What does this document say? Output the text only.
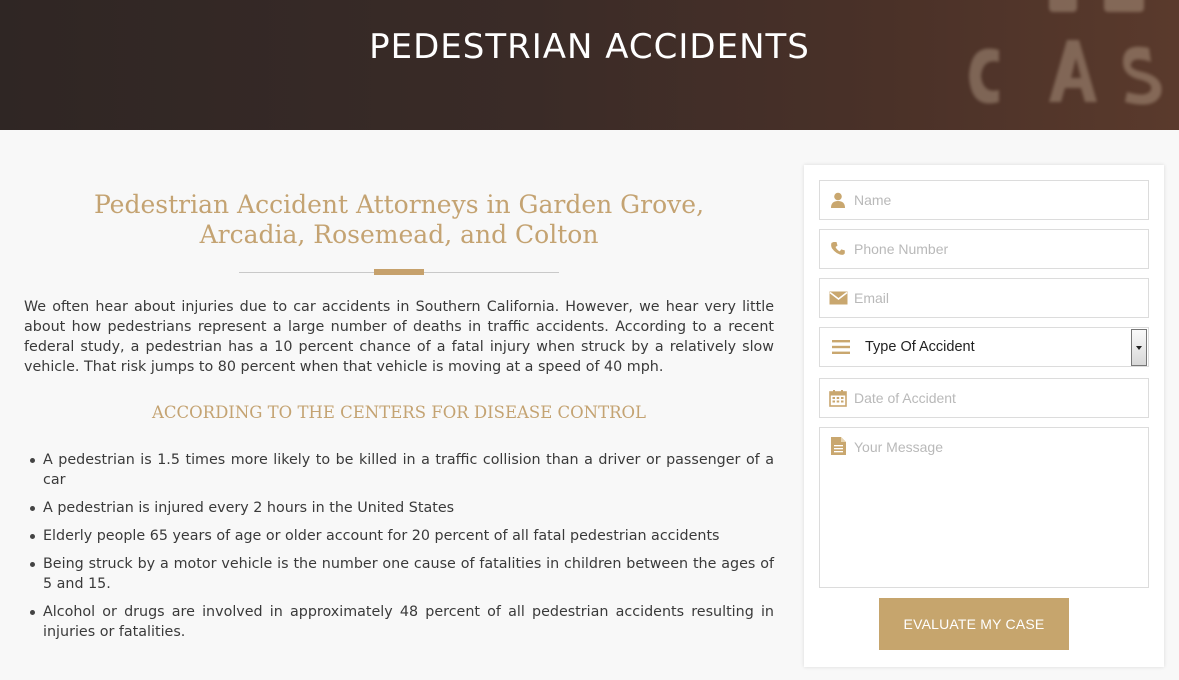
PEDESTRIAN ACCIDENTS
Pedestrian Accident Attorneys in Garden Grove, Arcadia, Rosemead, and Colton

We often hear about injuries due to car accidents in Southern California. However, we hear very little about how pedestrians represent a large number of deaths in traffic accidents. According to a recent federal study, a pedestrian has a 10 percent chance of a fatal injury when struck by a relatively slow vehicle. That risk jumps to 80 percent when that vehicle is moving at a speed of 40 mph.

ACCORDING TO THE CENTERS FOR DISEASE CONTROL
A pedestrian is 1.5 times more likely to be killed in a traffic collision than a driver or passenger of a car
A pedestrian is injured every 2 hours in the United States
Elderly people 65 years of age or older account for 20 percent of all fatal pedestrian accidents
Being struck by a motor vehicle is the number one cause of fatalities in children between the ages of 5 and 15.
Alcohol or drugs are involved in approximately 48 percent of all pedestrian accidents resulting in injuries or fatalities.
Name
Phone Number
Email
Type Of Accident
Date of Accident
Your Message
EVALUATE MY CASE
